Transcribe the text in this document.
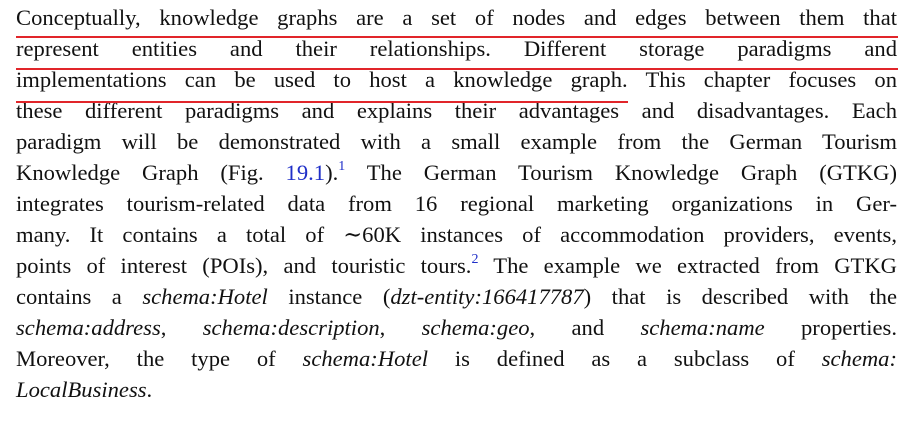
Conceptually, knowledge graphs are a set of nodes and edges between them that
represent entities and their relationships. Different storage paradigms and
implementations can be used to host a knowledge graph. This chapter focuses on
these different paradigms and explains their advantages and disadvantages. Each
paradigm will be demonstrated with a small example from the German Tourism
Knowledge Graph (Fig. 19.1).$^1$ The German Tourism Knowledge Graph (GTKG)
integrates tourism-related data from 16 regional marketing organizations in Ger-
many. It contains a total of ∼60K instances of accommodation providers, events,
points of interest (POIs), and touristic tours.$^2$ The example we extracted from GTKG
contains a schema:Hotel instance (dzt-entity:166417787) that is described with the
schema:address, schema:description, schema:geo, and schema:name properties.
Moreover, the type of schema:Hotel is defined as a subclass of schema:
LocalBusiness.
